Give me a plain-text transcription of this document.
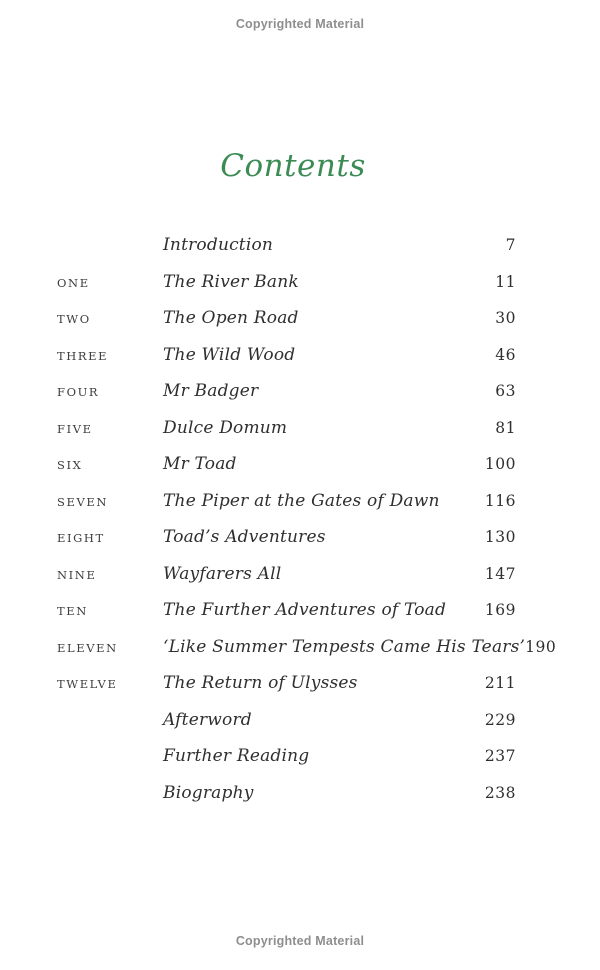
Copyrighted Material
Contents
Introduction	7
ONE	The River Bank	11
TWO	The Open Road	30
THREE	The Wild Wood	46
FOUR	Mr Badger	63
FIVE	Dulce Domum	81
SIX	Mr Toad	100
SEVEN	The Piper at the Gates of Dawn	116
EIGHT	Toad’s Adventures	130
NINE	Wayfarers All	147
TEN	The Further Adventures of Toad	169
ELEVEN	‘Like Summer Tempests Came His Tears’ 190
TWELVE	The Return of Ulysses	211
Afterword	229
Further Reading	237
Biography	238
Copyrighted Material
